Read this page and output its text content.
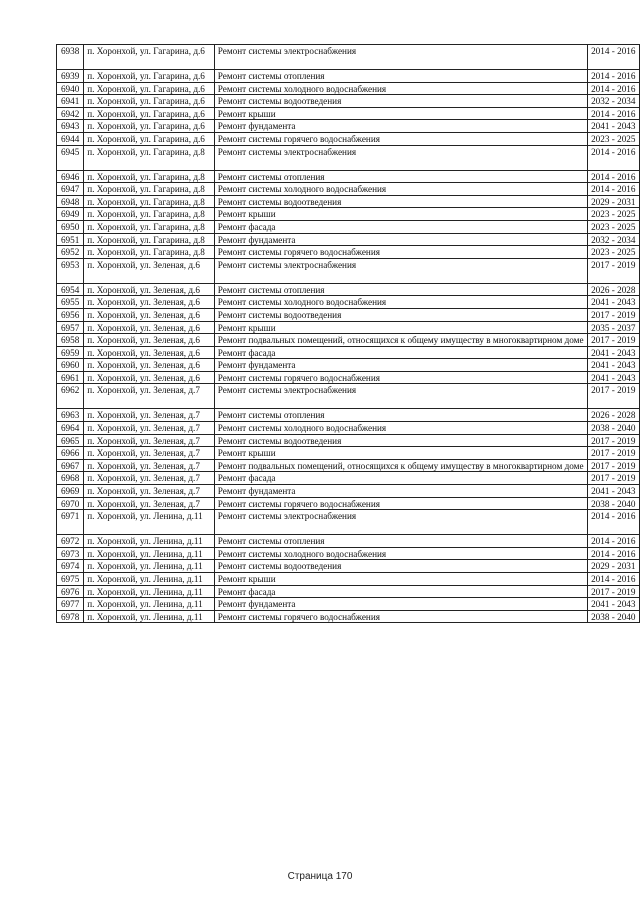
6938	п. Хоронхой, ул. Гагарина, д.6	Ремонт системы электроснабжения	2014 - 2016
6939	п. Хоронхой, ул. Гагарина, д.6	Ремонт системы отопления	2014 - 2016
6940	п. Хоронхой, ул. Гагарина, д.6	Ремонт системы холодного водоснабжения	2014 - 2016
6941	п. Хоронхой, ул. Гагарина, д.6	Ремонт системы водоотведения	2032 - 2034
6942	п. Хоронхой, ул. Гагарина, д.6	Ремонт крыши	2014 - 2016
6943	п. Хоронхой, ул. Гагарина, д.6	Ремонт фундамента	2041 - 2043
6944	п. Хоронхой, ул. Гагарина, д.6	Ремонт системы горячего водоснабжения	2023 - 2025
6945	п. Хоронхой, ул. Гагарина, д.8	Ремонт системы электроснабжения	2014 - 2016
6946	п. Хоронхой, ул. Гагарина, д.8	Ремонт системы отопления	2014 - 2016
6947	п. Хоронхой, ул. Гагарина, д.8	Ремонт системы холодного водоснабжения	2014 - 2016
6948	п. Хоронхой, ул. Гагарина, д.8	Ремонт системы водоотведения	2029 - 2031
6949	п. Хоронхой, ул. Гагарина, д.8	Ремонт крыши	2023 - 2025
6950	п. Хоронхой, ул. Гагарина, д.8	Ремонт фасада	2023 - 2025
6951	п. Хоронхой, ул. Гагарина, д.8	Ремонт фундамента	2032 - 2034
6952	п. Хоронхой, ул. Гагарина, д.8	Ремонт системы горячего водоснабжения	2023 - 2025
6953	п. Хоронхой, ул. Зеленая, д.6	Ремонт системы электроснабжения	2017 - 2019
6954	п. Хоронхой, ул. Зеленая, д.6	Ремонт системы отопления	2026 - 2028
6955	п. Хоронхой, ул. Зеленая, д.6	Ремонт системы холодного водоснабжения	2041 - 2043
6956	п. Хоронхой, ул. Зеленая, д.6	Ремонт системы водоотведения	2017 - 2019
6957	п. Хоронхой, ул. Зеленая, д.6	Ремонт крыши	2035 - 2037
6958	п. Хоронхой, ул. Зеленая, д.6	Ремонт подвальных помещений, относящихся к общему имуществу в многоквартирном доме	2017 - 2019
6959	п. Хоронхой, ул. Зеленая, д.6	Ремонт фасада	2041 - 2043
6960	п. Хоронхой, ул. Зеленая, д.6	Ремонт фундамента	2041 - 2043
6961	п. Хоронхой, ул. Зеленая, д.6	Ремонт системы горячего водоснабжения	2041 - 2043
6962	п. Хоронхой, ул. Зеленая, д.7	Ремонт системы электроснабжения	2017 - 2019
6963	п. Хоронхой, ул. Зеленая, д.7	Ремонт системы отопления	2026 - 2028
6964	п. Хоронхой, ул. Зеленая, д.7	Ремонт системы холодного водоснабжения	2038 - 2040
6965	п. Хоронхой, ул. Зеленая, д.7	Ремонт системы водоотведения	2017 - 2019
6966	п. Хоронхой, ул. Зеленая, д.7	Ремонт крыши	2017 - 2019
6967	п. Хоронхой, ул. Зеленая, д.7	Ремонт подвальных помещений, относящихся к общему имуществу в многоквартирном доме	2017 - 2019
6968	п. Хоронхой, ул. Зеленая, д.7	Ремонт фасада	2017 - 2019
6969	п. Хоронхой, ул. Зеленая, д.7	Ремонт фундамента	2041 - 2043
6970	п. Хоронхой, ул. Зеленая, д.7	Ремонт системы горячего водоснабжения	2038 - 2040
6971	п. Хоронхой, ул. Ленина, д.11	Ремонт системы электроснабжения	2014 - 2016
6972	п. Хоронхой, ул. Ленина, д.11	Ремонт системы отопления	2014 - 2016
6973	п. Хоронхой, ул. Ленина, д.11	Ремонт системы холодного водоснабжения	2014 - 2016
6974	п. Хоронхой, ул. Ленина, д.11	Ремонт системы водоотведения	2029 - 2031
6975	п. Хоронхой, ул. Ленина, д.11	Ремонт крыши	2014 - 2016
6976	п. Хоронхой, ул. Ленина, д.11	Ремонт фасада	2017 - 2019
6977	п. Хоронхой, ул. Ленина, д.11	Ремонт фундамента	2041 - 2043
6978	п. Хоронхой, ул. Ленина, д.11	Ремонт системы горячего водоснабжения	2038 - 2040
Страница 170
